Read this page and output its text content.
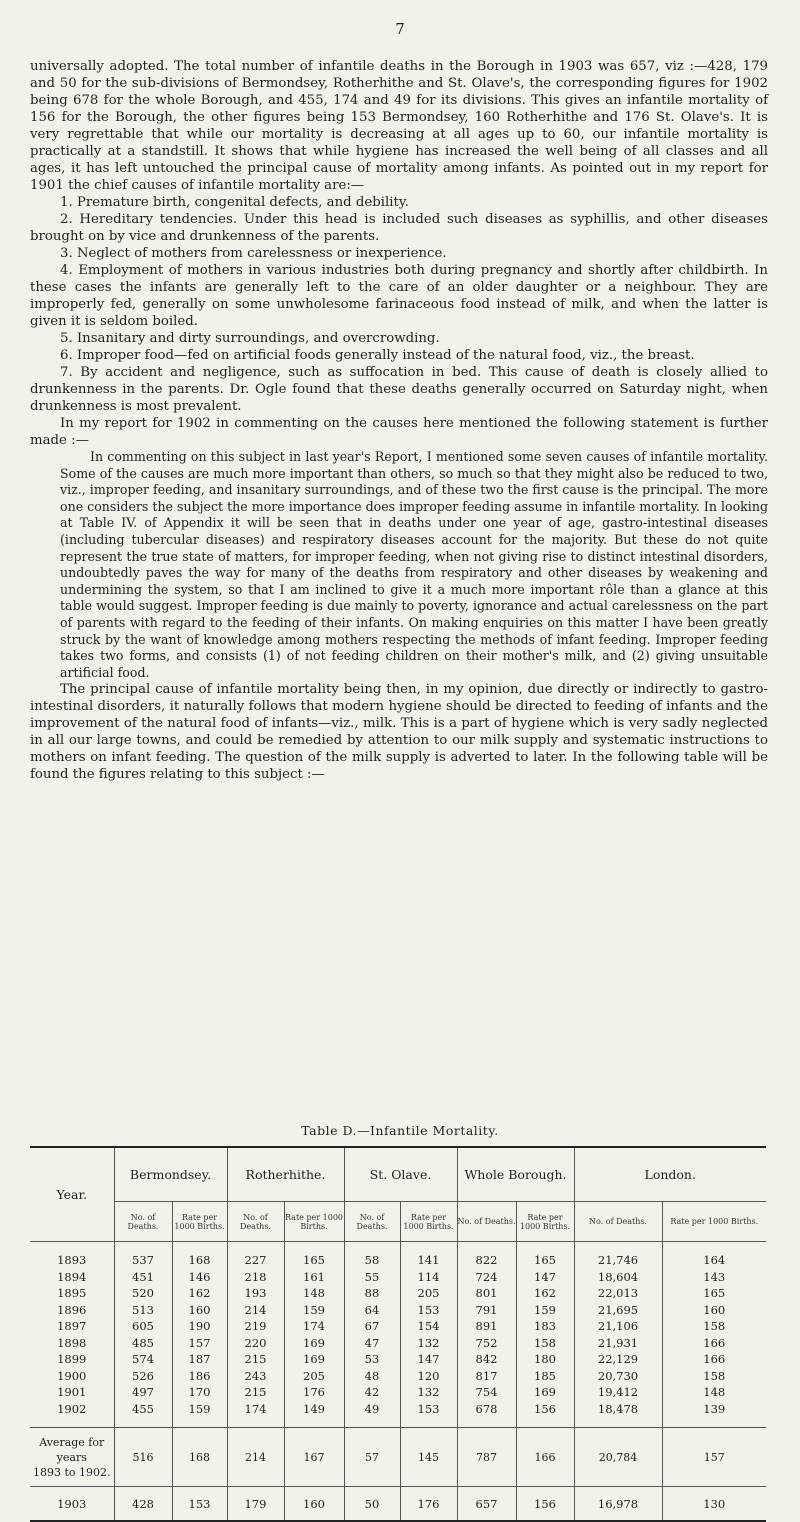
7

universally adopted. The total number of infantile deaths in the Borough in 1903 was 657, viz :—428, 179 and 50 for the sub-divisions of Bermondsey, Rotherhithe and St. Olave's, the corresponding figures for 1902 being 678 for the whole Borough, and 455, 174 and 49 for its divisions. This gives an infantile mortality of 156 for the Borough, the other figures being 153 Bermondsey, 160 Rotherhithe and 176 St. Olave's. It is very regrettable that while our mortality is decreasing at all ages up to 60, our infantile mortality is practically at a standstill. It shows that while hygiene has increased the well being of all classes and all ages, it has left untouched the principal cause of mortality among infants. As pointed out in my report for 1901 the chief causes of infantile mortality are:—

1. Premature birth, congenital defects, and debility.

2. Hereditary tendencies. Under this head is included such diseases as syphillis, and other diseases brought on by vice and drunkenness of the parents.

3. Neglect of mothers from carelessness or inexperience.

4. Employment of mothers in various industries both during pregnancy and shortly after childbirth. In these cases the infants are generally left to the care of an older daughter or a neighbour. They are improperly fed, generally on some unwholesome farinaceous food instead of milk, and when the latter is given it is seldom boiled.

5. Insanitary and dirty surroundings, and overcrowding.

6. Improper food—fed on artificial foods generally instead of the natural food, viz., the breast.

7. By accident and negligence, such as suffocation in bed. This cause of death is closely allied to drunkenness in the parents. Dr. Ogle found that these deaths generally occurred on Saturday night, when drunkenness is most prevalent.

In my report for 1902 in commenting on the causes here mentioned the following statement is further made :—

In commenting on this subject in last year's Report, I mentioned some seven causes of infantile mortality. Some of the causes are much more important than others, so much so that they might also be reduced to two, viz., improper feeding, and insanitary surroundings, and of these two the first cause is the principal. The more one considers the subject the more importance does improper feeding assume in infantile mortality. In looking at Table IV. of Appendix it will be seen that in deaths under one year of age, gastro-intestinal diseases (including tubercular diseases) and respiratory diseases account for the majority. But these do not quite represent the true state of matters, for improper feeding, when not giving rise to distinct intestinal disorders, undoubtedly paves the way for many of the deaths from respiratory and other diseases by weakening and undermining the system, so that I am inclined to give it a much more important rôle than a glance at this table would suggest. Improper feeding is due mainly to poverty, ignorance and actual carelessness on the part of parents with regard to the feeding of their infants. On making enquiries on this matter I have been greatly struck by the want of knowledge among mothers respecting the methods of infant feeding. Improper feeding takes two forms, and consists (1) of not feeding children on their mother's milk, and (2) giving unsuitable artificial food.

The principal cause of infantile mortality being then, in my opinion, due directly or indirectly to gastro-intestinal disorders, it naturally follows that modern hygiene should be directed to feeding of infants and the improvement of the natural food of infants—viz., milk. This is a part of hygiene which is very sadly neglected in all our large towns, and could be remedied by attention to our milk supply and systematic instructions to mothers on infant feeding. The question of the milk supply is adverted to later. In the following table will be found the figures relating to this subject :—

Table D.—Infantile Mortality.
Year.	Bermondsey.		Rotherhithe.		St. Olave.		Whole Borough.		London.	
	No. of Deaths.	Rate per 1000 Births.	No. of Deaths.	Rate per 1000 Births.	No. of Deaths.	Rate per 1000 Births.	No. of Deaths.	Rate per 1000 Births.	No. of Deaths.	Rate per 1000 Births.
1893	537	168	227	165	58	141	822	165	21,746	164
1894	451	146	218	161	55	114	724	147	18,604	143
1895	520	162	193	148	88	205	801	162	22,013	165
1896	513	160	214	159	64	153	791	159	21,695	160
1897	605	190	219	174	67	154	891	183	21,106	158
1898	485	157	220	169	47	132	752	158	21,931	166
1899	574	187	215	169	53	147	842	180	22,129	166
1900	526	186	243	205	48	120	817	185	20,730	158
1901	497	170	215	176	42	132	754	169	19,412	148
1902	455	159	174	149	49	153	678	156	18,478	139

Average for
years
1893 to 1902.	516	168	214	167	57	145	787	166	20,784	157
1903	428	153	179	160	50	176	657	156	16,978	130
